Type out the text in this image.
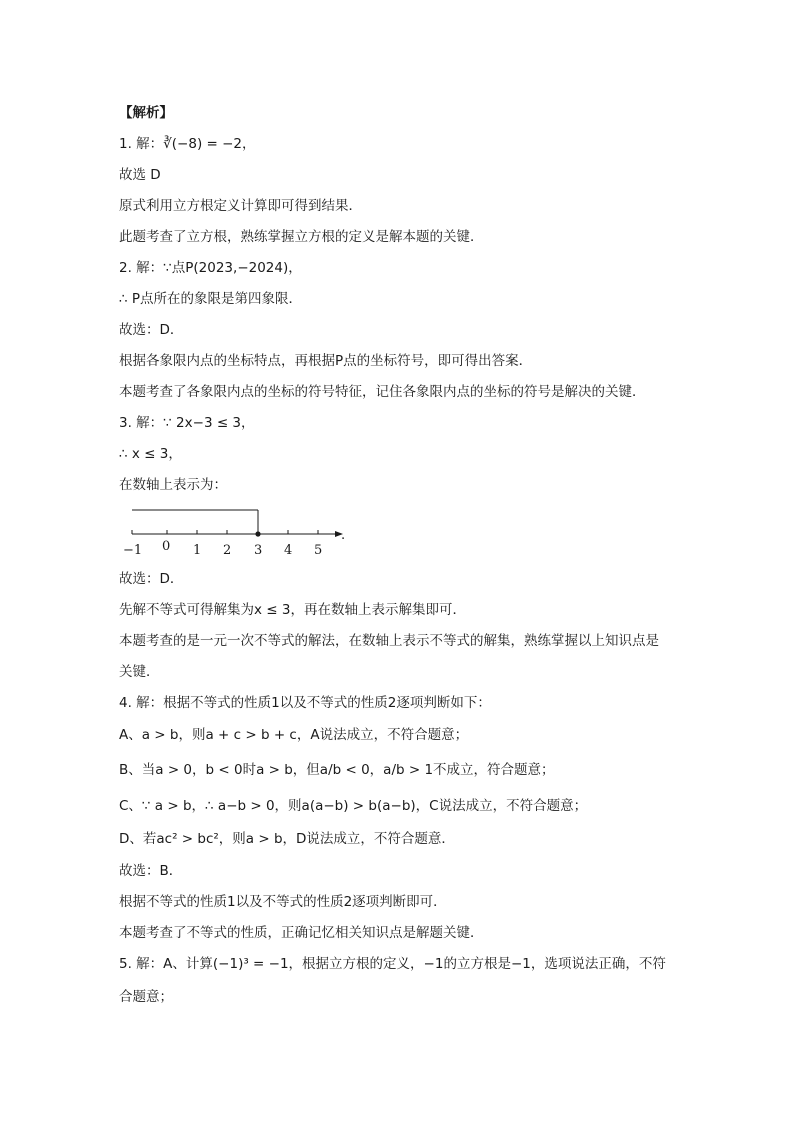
【解析】
1. 解：∛(−8) = −2，
故选 D
原式利用立方根定义计算即可得到结果．
此题考查了立方根，熟练掌握立方根的定义是解本题的关键．
2. 解：∵点P(2023,−2024)，
∴ P点所在的象限是第四象限．
故选：D．
根据各象限内点的坐标特点，再根据P点的坐标符号，即可得出答案．
本题考查了各象限内点的坐标的符号特征，记住各象限内点的坐标的符号是解决的关键．
3. 解：∵ 2x−3 ≤ 3，
∴ x ≤ 3，
在数轴上表示为：
−1 0 1 2 3 4 5
.
故选：D．
先解不等式可得解集为x ≤ 3，再在数轴上表示解集即可．
本题考查的是一元一次不等式的解法，在数轴上表示不等式的解集，熟练掌握以上知识点是
关键．
4. 解：根据不等式的性质1以及不等式的性质2逐项判断如下：
A、a > b，则a + c > b + c，A说法成立，不符合题意；
B、当a > 0，b < 0时a > b，但a/b < 0，a/b > 1不成立，符合题意；
C、∵ a > b，∴ a−b > 0，则a(a−b) > b(a−b)，C说法成立，不符合题意；
D、若ac² > bc²，则a > b，D说法成立，不符合题意．
故选：B．
根据不等式的性质1以及不等式的性质2逐项判断即可．
本题考查了不等式的性质，正确记忆相关知识点是解题关键．
5. 解：A、计算(−1)³ = −1，根据立方根的定义，−1的立方根是−1，选项说法正确，不符
合题意；
